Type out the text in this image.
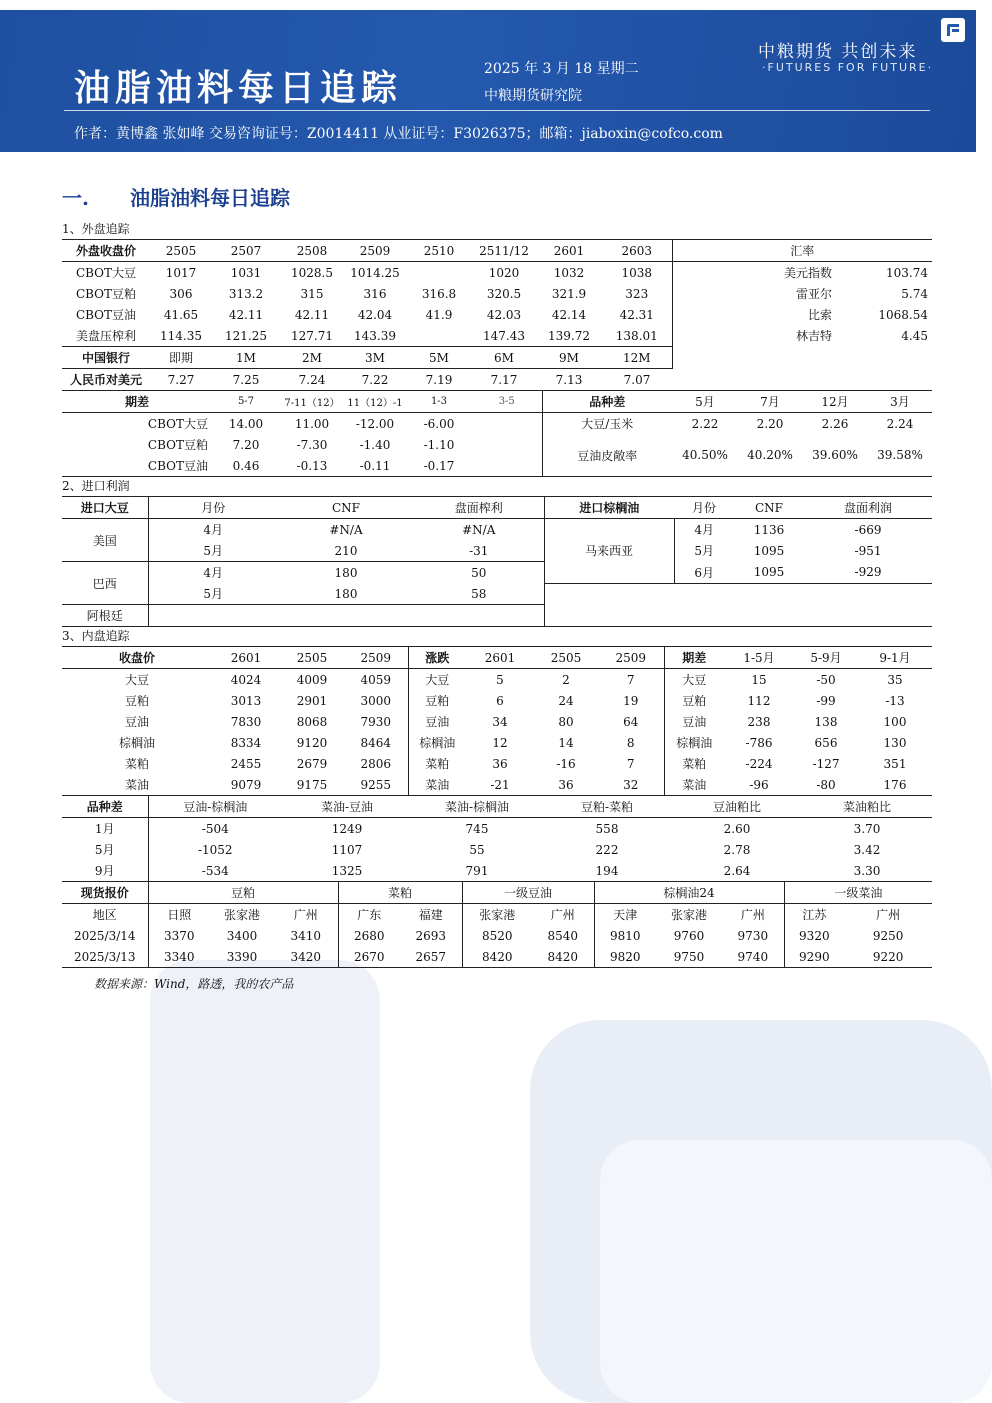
油脂油料每日追踪	2025 年 3 月 18 星期二
中粮期货研究院
中粮期货 共创未来
·FUTURES FOR FUTURE·
作者：黄博鑫 张如峰 交易咨询证号：Z0014411 从业证号：F3026375；邮箱：jiaboxin@cofco.com
一. 油脂油料每日追踪
1、外盘追踪
外盘收盘价	2505	2507	2508	2509	2510	2511/12	2601	2603	汇率	
CBOT大豆	1017	1031	1028.5	1014.25		1020	1032	1038	美元指数	103.74
CBOT豆粕	306	313.2	315	316	316.8	320.5	321.9	323	雷亚尔	5.74
CBOT豆油	41.65	42.11	42.11	42.04	41.9	42.03	42.14	42.31	比索	1068.54
美盘压榨利	114.35	121.25	127.71	143.39		147.43	139.72	138.01	林吉特	4.45
中国银行	即期	1M	2M	3M	5M	6M	9M	12M		
人民币对美元	7.27	7.25	7.24	7.22	7.19	7.17	7.13	7.07		
期差	5-7	7-11（12）	11（12）-1	1-3	3-5	品种差	5月	7月	12月	3月
CBOT大豆	14.00	11.00	-12.00	-6.00		大豆/玉米	2.22	2.20	2.26	2.24
CBOT豆粕	7.20	-7.30	-1.40	-1.10		豆油皮敞率	40.50%	40.20%	39.60%	39.58%
CBOT豆油	0.46	-0.13	-0.11	-0.17						
2、进口利润
进口大豆	月份	CNF	盘面榨利	进口棕榈油	月份	CNF	盘面利润
美国	4月	#N/A	#N/A	马来西亚	4月	1136	-669
	5月	210	-31		5月	1095	-951
巴西	4月	180	50		6月	1095	-929
	5月	180	58				
阿根廷							
3、内盘追踪
收盘价	2601	2505	2509	涨跌	2601	2505	2509	期差	1-5月	5-9月	9-1月
大豆	4024	4009	4059	大豆	5	2	7	大豆	15	-50	35
豆粕	3013	2901	3000	豆粕	6	24	19	豆粕	112	-99	-13
豆油	7830	8068	7930	豆油	34	80	64	豆油	238	138	100
棕榈油	8334	9120	8464	棕榈油	12	14	8	棕榈油	-786	656	130
菜粕	2455	2679	2806	菜粕	36	-16	7	菜粕	-224	-127	351
菜油	9079	9175	9255	菜油	-21	36	32	菜油	-96	-80	176
品种差	豆油-棕榈油	菜油-豆油	菜油-棕榈油	豆粕-菜粕	豆油粕比	菜油粕比
1月	-504	1249	745	558	2.60	3.70
5月	-1052	1107	55	222	2.78	3.42
9月	-534	1325	791	194	2.64	3.30
现货报价	豆粕			菜粕		一级豆油		棕榈油24			一级菜油	
地区	日照	张家港	广州	广东	福建	张家港	广州	天津	张家港	广州	江苏	广州
2025/3/14	3370	3400	3410	2680	2693	8520	8540	9810	9760	9730	9320	9250
2025/3/13	3340	3390	3420	2670	2657	8420	8420	9820	9750	9740	9290	9220
数据来源：Wind，路透，我的农产品
